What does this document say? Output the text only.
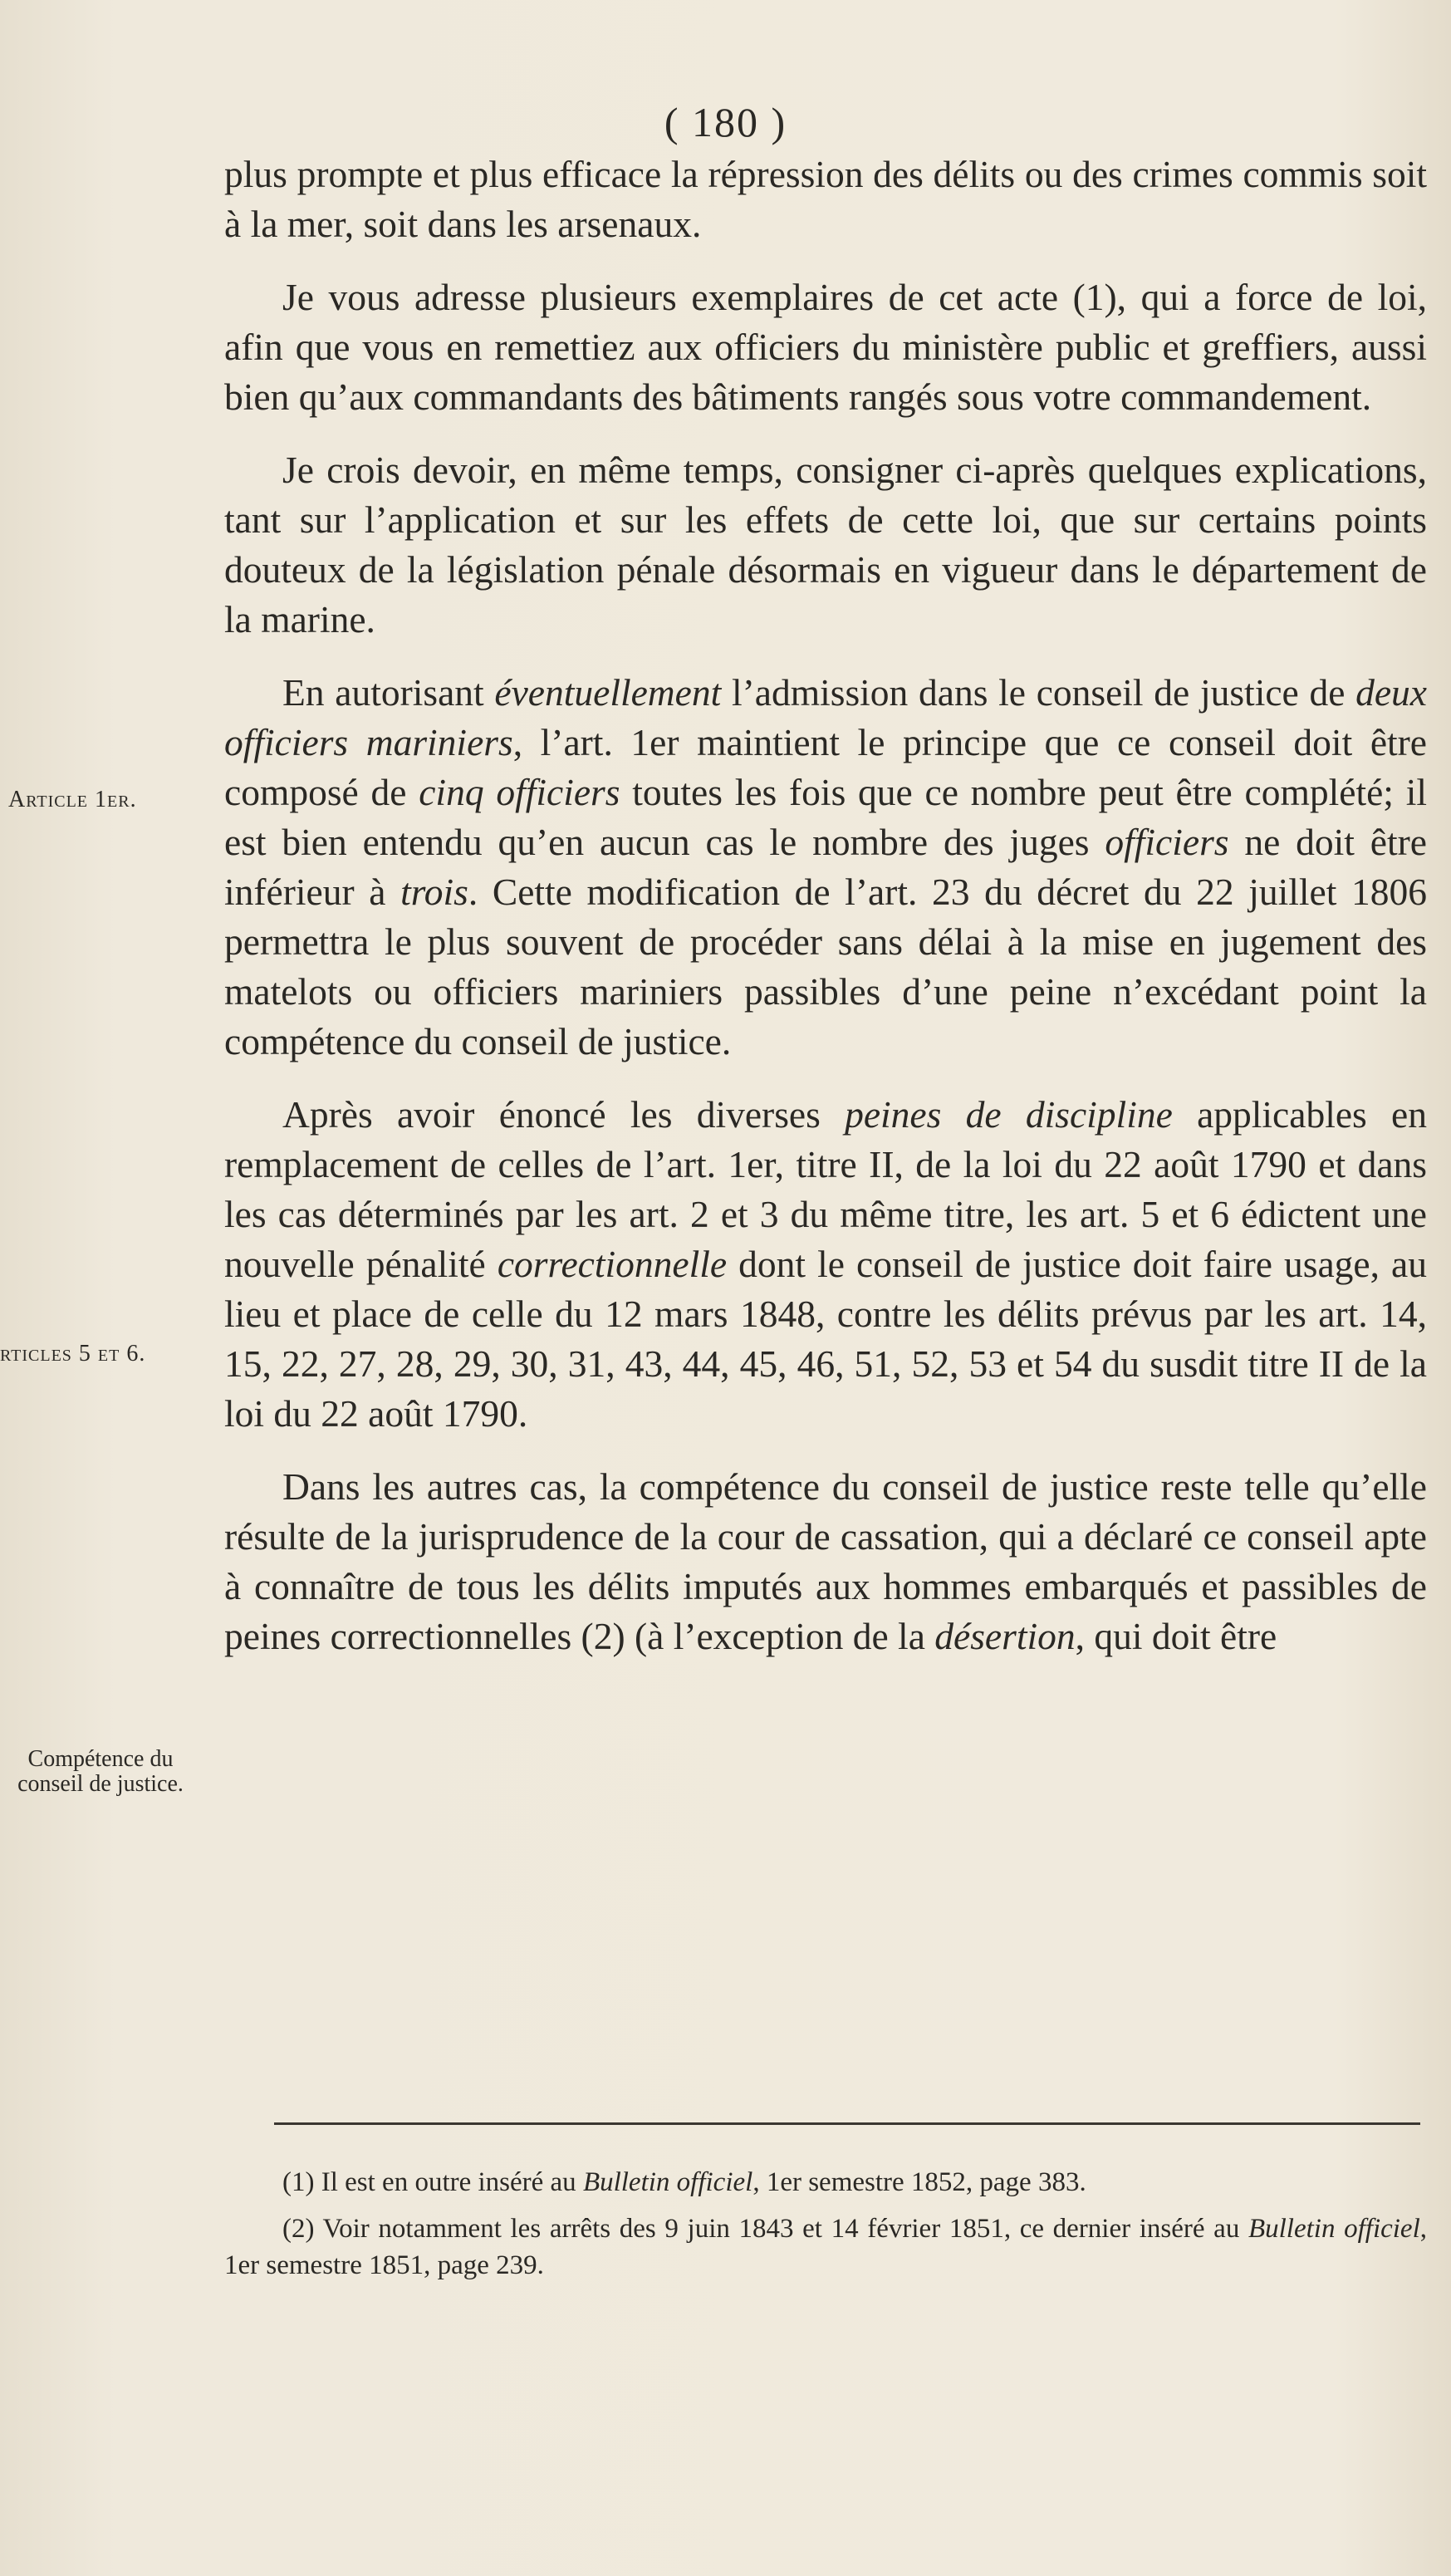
( 180 )

plus prompte et plus efficace la répression des délits ou des crimes commis soit à la mer, soit dans les arsenaux.

Je vous adresse plusieurs exemplaires de cet acte (1), qui a force de loi, afin que vous en remettiez aux officiers du ministère public et greffiers, aussi bien qu’aux commandants des bâtiments rangés sous votre commandement.

Je crois devoir, en même temps, consigner ci-après quelques explications, tant sur l’application et sur les effets de cette loi, que sur certains points douteux de la législation pénale désormais en vigueur dans le département de la marine.

En autorisant éventuellement l’admission dans le conseil de justice de deux officiers mariniers, l’art. 1er maintient le principe que ce conseil doit être composé de cinq officiers toutes les fois que ce nombre peut être complété; il est bien entendu qu’en aucun cas le nombre des juges officiers ne doit être inférieur à trois. Cette modification de l’art. 23 du décret du 22 juillet 1806 permettra le plus souvent de procéder sans délai à la mise en jugement des matelots ou officiers mariniers passibles d’une peine n’excédant point la compétence du conseil de justice.

Après avoir énoncé les diverses peines de discipline applicables en remplacement de celles de l’art. 1er, titre II, de la loi du 22 août 1790 et dans les cas déterminés par les art. 2 et 3 du même titre, les art. 5 et 6 édictent une nouvelle pénalité correctionnelle dont le conseil de justice doit faire usage, au lieu et place de celle du 12 mars 1848, contre les délits prévus par les art. 14, 15, 22, 27, 28, 29, 30, 31, 43, 44, 45, 46, 51, 52, 53 et 54 du susdit titre II de la loi du 22 août 1790.

Dans les autres cas, la compétence du conseil de justice reste telle qu’elle résulte de la jurisprudence de la cour de cassation, qui a déclaré ce conseil apte à connaître de tous les délits imputés aux hommes embarqués et passibles de peines correctionnelles (2) (à l’exception de la désertion, qui doit être

Article 1er.
rticles 5 et 6.
Compétence du conseil de justice.

(1) Il est en outre inséré au Bulletin officiel, 1er semestre 1852, page 383.

(2) Voir notamment les arrêts des 9 juin 1843 et 14 février 1851, ce dernier inséré au Bulletin officiel, 1er semestre 1851, page 239.
